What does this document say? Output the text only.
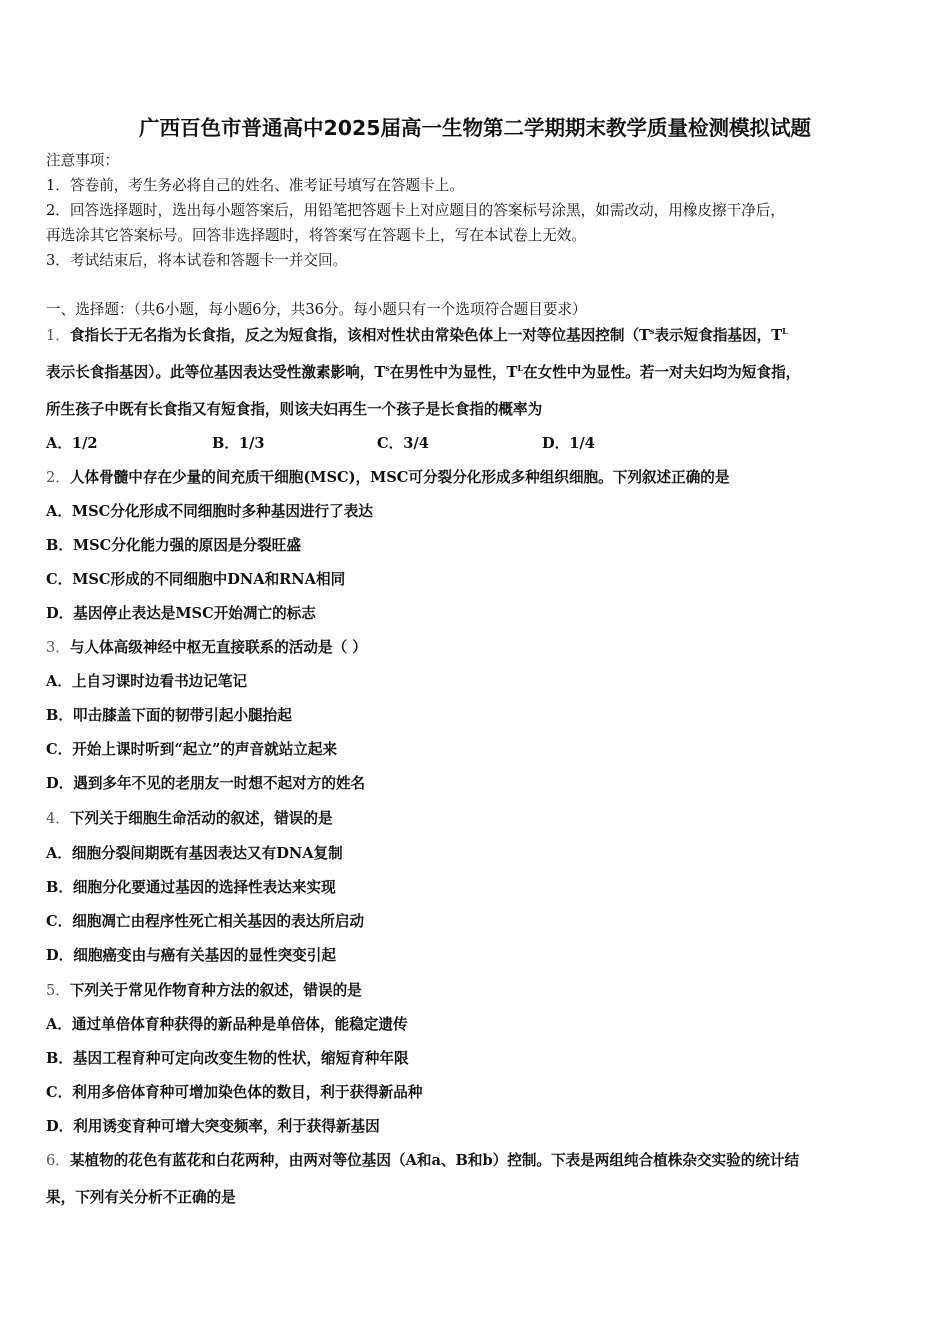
广西百色市普通高中2025届高一生物第二学期期末教学质量检测模拟试题
注意事项：
1．答卷前，考生务必将自己的姓名、准考证号填写在答题卡上。
2．回答选择题时，选出每小题答案后，用铅笔把答题卡上对应题目的答案标号涂黑，如需改动，用橡皮擦干净后，
再选涂其它答案标号。回答非选择题时，将答案写在答题卡上，写在本试卷上无效。
3．考试结束后，将本试卷和答题卡一并交回。
一、选择题：（共6小题，每小题6分，共36分。每小题只有一个选项符合题目要求）
1．食指长于无名指为长食指，反之为短食指，该相对性状由常染色体上一对等位基因控制（$T^s$表示短食指基因，$T^L$
表示长食指基因）。此等位基因表达受性激素影响，$T^s$在男性中为显性，$T^L$在女性中为显性。若一对夫妇均为短食指，
所生孩子中既有长食指又有短食指，则该夫妇再生一个孩子是长食指的概率为
A．1/2	B．1/3	C．3/4	D．1/4
2．人体骨髓中存在少量的间充质干细胞(MSC)，MSC可分裂分化形成多种组织细胞。下列叙述正确的是
A．MSC分化形成不同细胞时多种基因进行了表达
B．MSC分化能力强的原因是分裂旺盛
C．MSC形成的不同细胞中DNA和RNA相同
D．基因停止表达是MSC开始凋亡的标志
3．与人体高级神经中枢无直接联系的活动是（ ）
A．上自习课时边看书边记笔记
B．叩击膝盖下面的韧带引起小腿抬起
C．开始上课时听到“起立”的声音就站立起来
D．遇到多年不见的老朋友一时想不起对方的姓名
4．下列关于细胞生命活动的叙述，错误的是
A．细胞分裂间期既有基因表达又有DNA复制
B．细胞分化要通过基因的选择性表达来实现
C．细胞凋亡由程序性死亡相关基因的表达所启动
D．细胞癌变由与癌有关基因的显性突变引起
5．下列关于常见作物育种方法的叙述，错误的是
A．通过单倍体育种获得的新品种是单倍体，能稳定遗传
B．基因工程育种可定向改变生物的性状，缩短育种年限
C．利用多倍体育种可增加染色体的数目，利于获得新品种
D．利用诱变育种可增大突变频率，利于获得新基因
6．某植物的花色有蓝花和白花两种，由两对等位基因（A和a、B和b）控制。下表是两组纯合植株杂交实验的统计结
果，下列有关分析不正确的是
